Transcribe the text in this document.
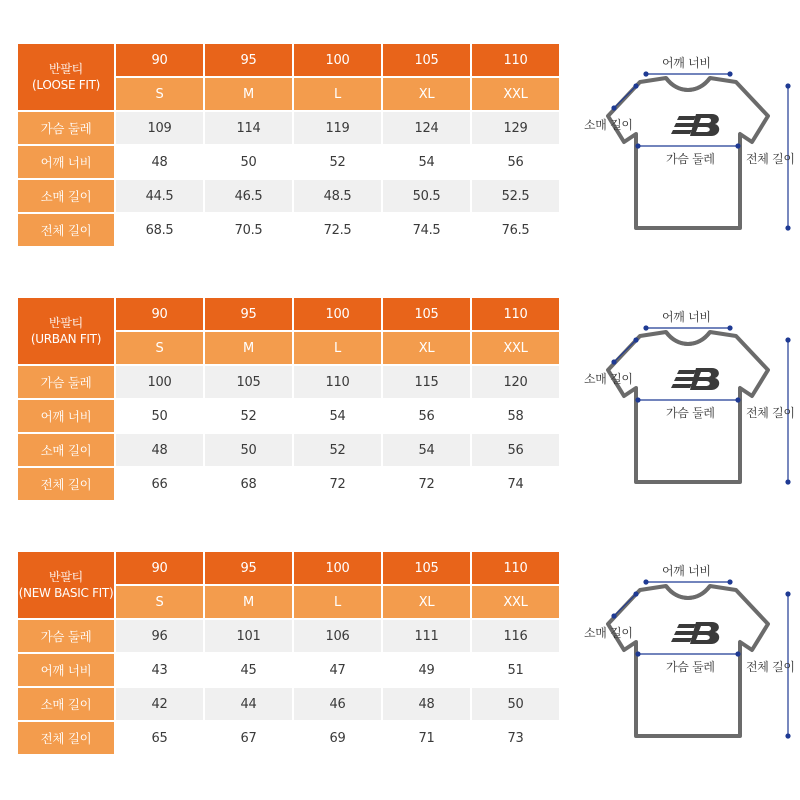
반팔티
(LOOSE FIT)	90	95	100	105	110
	S	M	L	XL	XXL
가슴 둘레	109	114	119	124	129
어깨 너비	48	50	52	54	56
소매 길이	44.5	46.5	48.5	50.5	52.5
전체 길이	68.5	70.5	72.5	74.5	76.5
어깨 너비
소매 길이
가슴 둘레	전체 길이
반팔티
(URBAN FIT)	90	95	100	105	110
	S	M	L	XL	XXL
가슴 둘레	100	105	110	115	120
어깨 너비	50	52	54	56	58
소매 길이	48	50	52	54	56
전체 길이	66	68	72	72	74
어깨 너비
소매 길이
가슴 둘레	전체 길이
반팔티
(NEW BASIC FIT)	90	95	100	105	110
	S	M	L	XL	XXL
가슴 둘레	96	101	106	111	116
어깨 너비	43	45	47	49	51
소매 길이	42	44	46	48	50
전체 길이	65	67	69	71	73
어깨 너비
소매 길이
가슴 둘레	전체 길이
